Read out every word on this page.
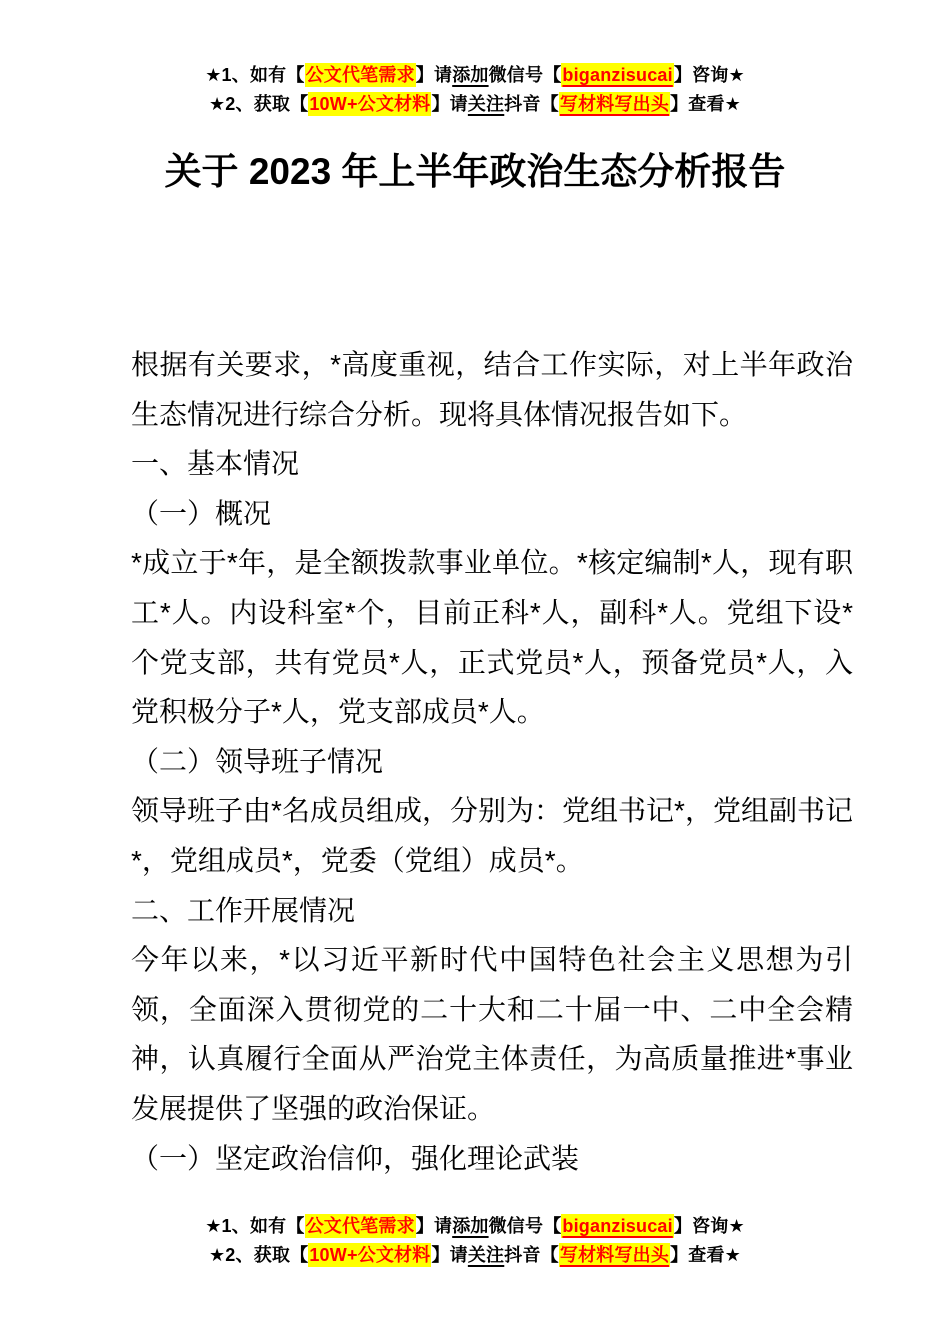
★1、如有【公文代笔需求】请添加微信号【biganzisucai】咨询★
★2、获取【10W+公文材料】请关注抖音【写材料写出头】查看★
关于 2023 年上半年政治生态分析报告

根据有关要求，*高度重视，结合工作实际，对上半年政治生态情况进行综合分析。现将具体情况报告如下。

一、基本情况

（一）概况

*成立于*年，是全额拨款事业单位。*核定编制*人，现有职工*人。内设科室*个，目前正科*人，副科*人。党组下设*个党支部，共有党员*人，正式党员*人，预备党员*人，入党积极分子*人，党支部成员*人。

（二）领导班子情况

领导班子由*名成员组成，分别为：党组书记*，党组副书记*，党组成员*，党委（党组）成员*。

二、工作开展情况

今年以来，*以习近平新时代中国特色社会主义思想为引领，全面深入贯彻党的二十大和二十届一中、二中全会精神，认真履行全面从严治党主体责任，为高质量推进*事业发展提供了坚强的政治保证。

（一）坚定政治信仰，强化理论武装

★1、如有【公文代笔需求】请添加微信号【biganzisucai】咨询★
★2、获取【10W+公文材料】请关注抖音【写材料写出头】查看★
